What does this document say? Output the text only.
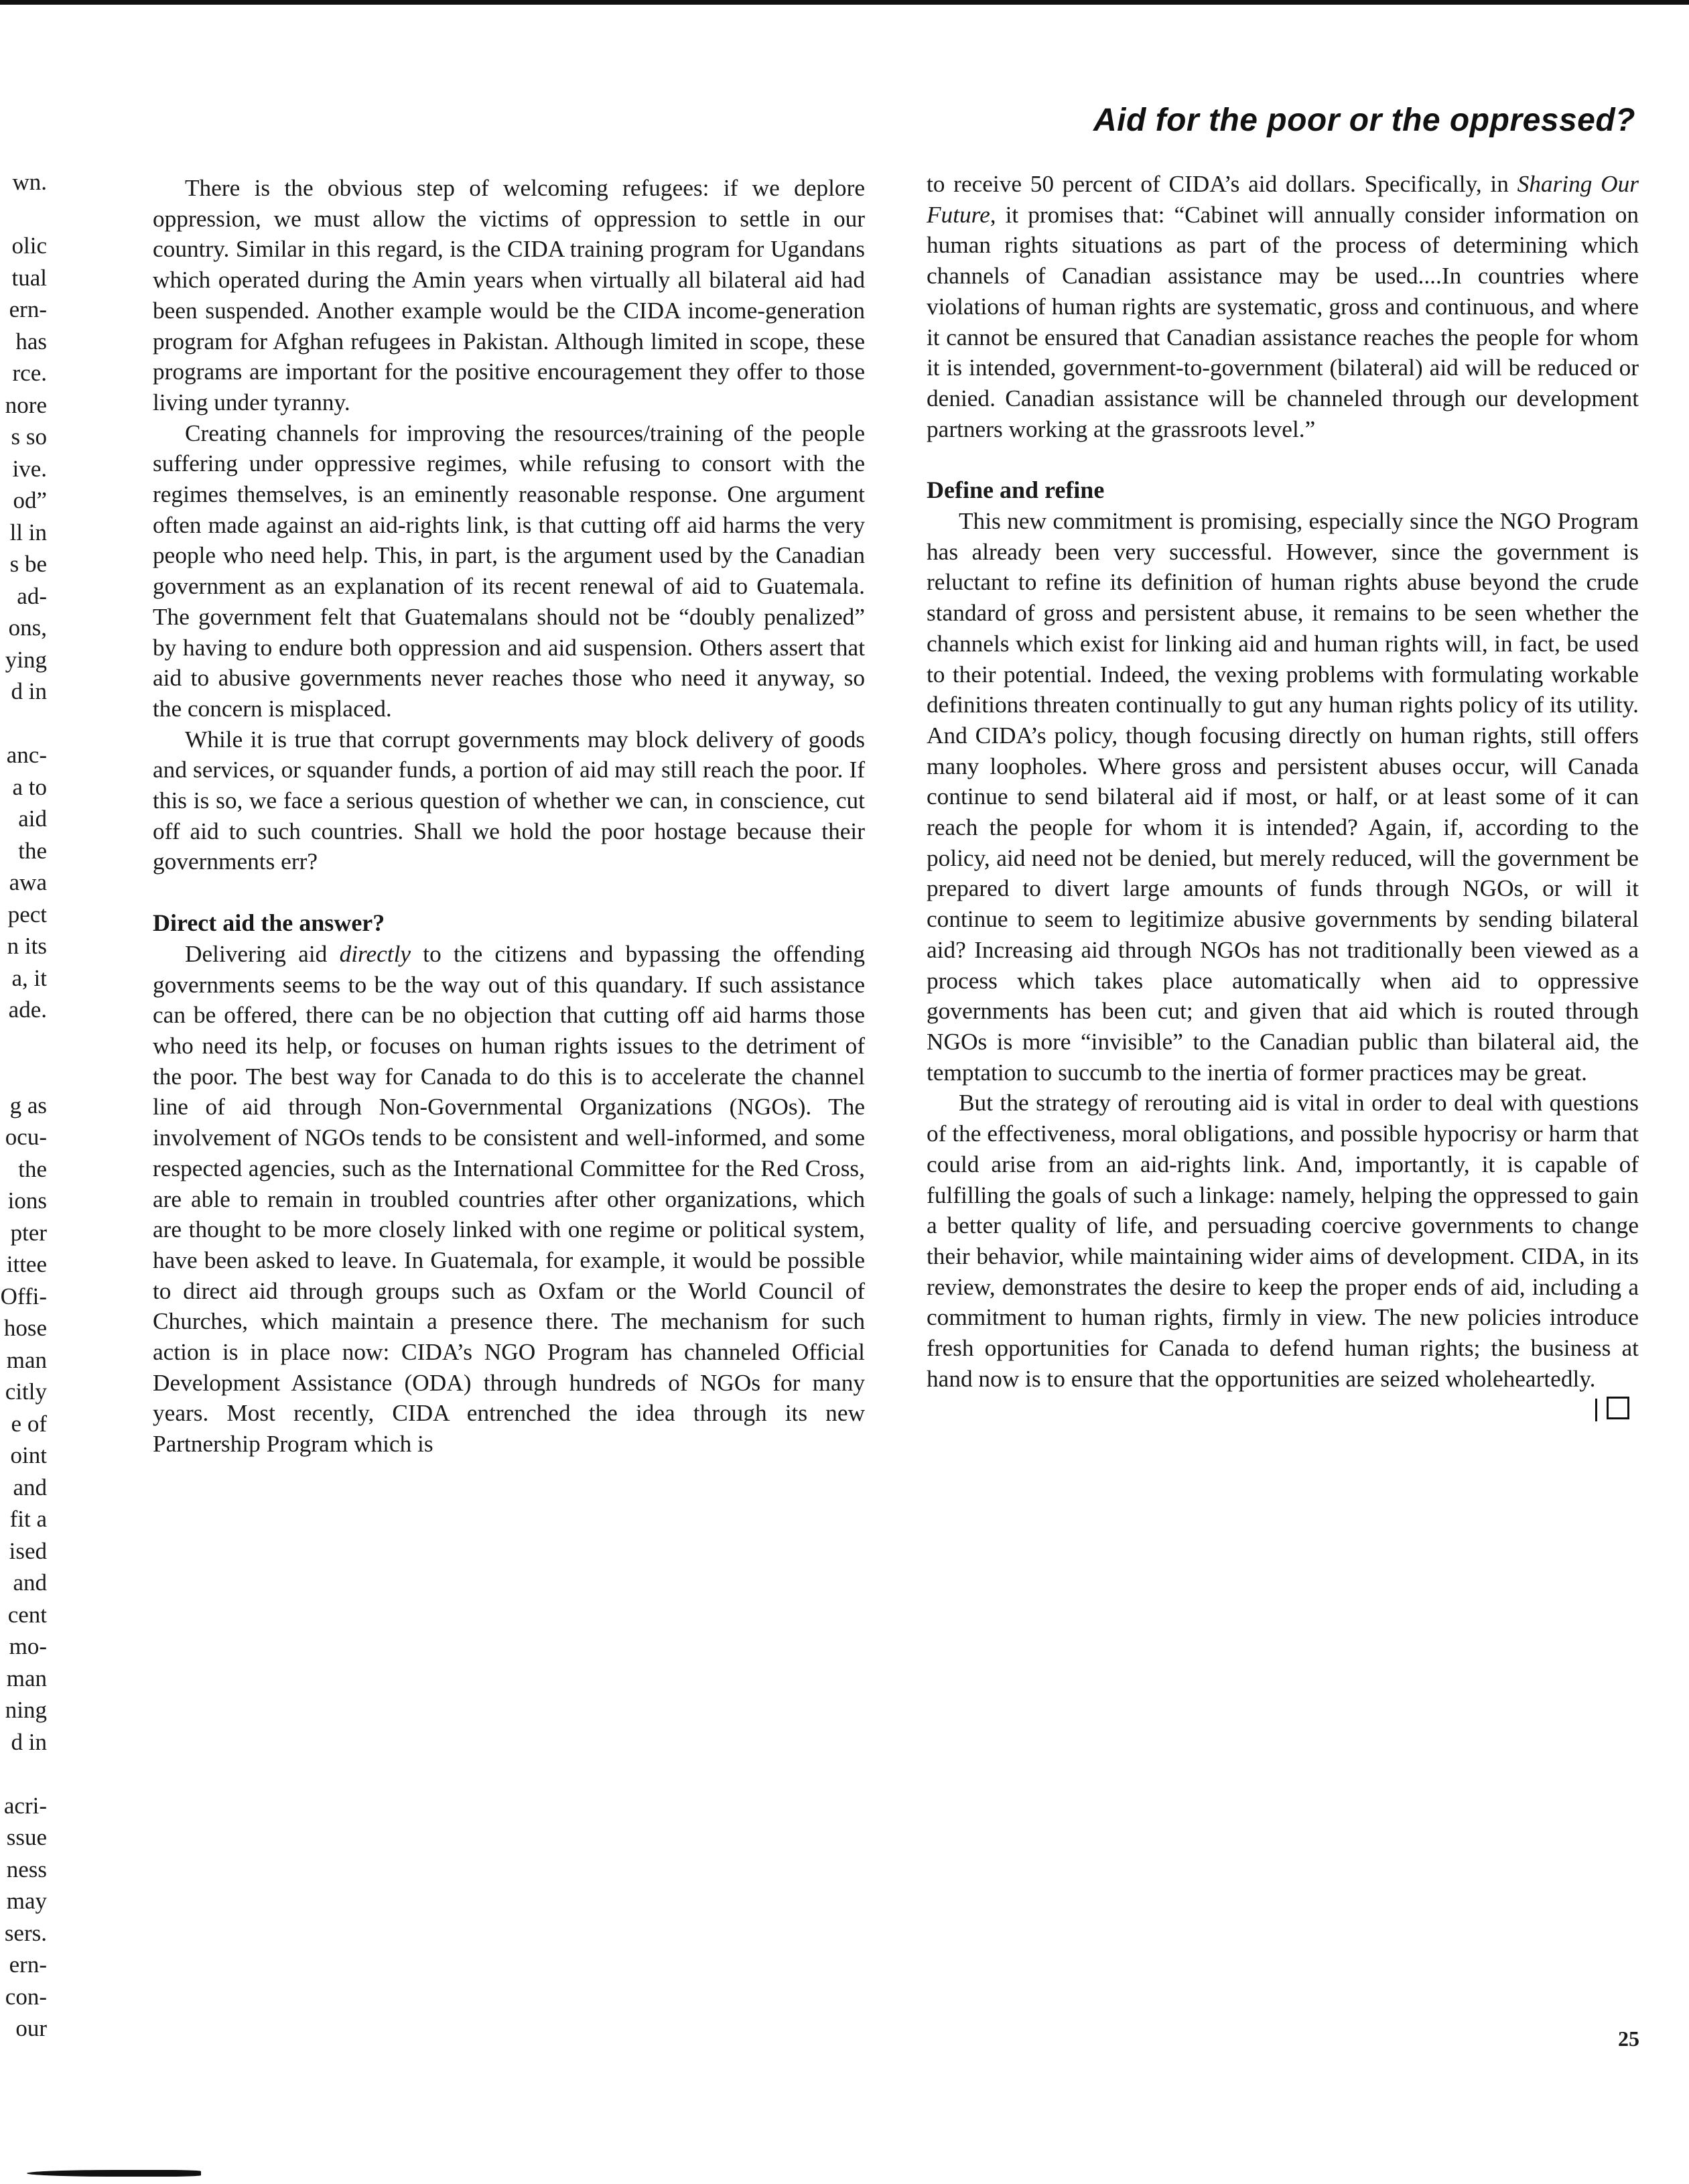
Aid for the poor or the oppressed?
wn.
olic
tual
ern-
has
rce.
nore
s so
ive.
od”
ll in
s be
ad-
ons,
ying
d in
anc-
a to
aid
the
awa
pect
n its
a, it
ade.
g as
ocu-
the
ions
pter
ittee
Offi-
hose
man
citly
e of
oint
and
fit a
ised
and
cent
mo-
man
ning
d in
acri-
ssue
ness
may
sers.
ern-
con-
our

There is the obvious step of welcoming refugees: if we deplore oppression, we must allow the victims of oppression to settle in our country. Similar in this regard, is the CIDA training program for Ugandans which operated during the Amin years when virtually all bilateral aid had been suspended. Another example would be the CIDA income-generation program for Afghan refugees in Pakistan. Although limited in scope, these programs are important for the positive encouragement they offer to those living under tyranny.

Creating channels for improving the resources/training of the people suffering under oppressive regimes, while refusing to consort with the regimes themselves, is an eminently reasonable response. One argument often made against an aid-rights link, is that cutting off aid harms the very people who need help. This, in part, is the argument used by the Canadian government as an explanation of its recent renewal of aid to Guatemala. The government felt that Guatemalans should not be “doubly penalized” by having to endure both oppression and aid suspension. Others assert that aid to abusive governments never reaches those who need it anyway, so the concern is misplaced.

While it is true that corrupt governments may block delivery of goods and services, or squander funds, a portion of aid may still reach the poor. If this is so, we face a serious question of whether we can, in conscience, cut off aid to such countries. Shall we hold the poor hostage because their governments err?

Direct aid the answer?

Delivering aid directly to the citizens and bypassing the offending governments seems to be the way out of this quandary. If such assistance can be offered, there can be no objection that cutting off aid harms those who need its help, or focuses on human rights issues to the detriment of the poor. The best way for Canada to do this is to accelerate the channel line of aid through Non-Governmental Organizations (NGOs). The involvement of NGOs tends to be consistent and well-informed, and some respected agencies, such as the International Committee for the Red Cross, are able to remain in troubled countries after other organizations, which are thought to be more closely linked with one regime or political system, have been asked to leave. In Guatemala, for example, it would be possible to direct aid through groups such as Oxfam or the World Council of Churches, which maintain a presence there. The mechanism for such action is in place now: CIDA’s NGO Program has channeled Official Development Assistance (ODA) through hundreds of NGOs for many years. Most recently, CIDA entrenched the idea through its new Partnership Program which is

to receive 50 percent of CIDA’s aid dollars. Specifically, in Sharing Our Future, it promises that: “Cabinet will annually consider information on human rights situations as part of the process of determining which channels of Canadian assistance may be used....In countries where violations of human rights are systematic, gross and continuous, and where it cannot be ensured that Canadian assistance reaches the people for whom it is intended, government-to-government (bilateral) aid will be reduced or denied. Canadian assistance will be channeled through our development partners working at the grassroots level.”

Define and refine

This new commitment is promising, especially since the NGO Program has already been very successful. However, since the government is reluctant to refine its definition of human rights abuse beyond the crude standard of gross and persistent abuse, it remains to be seen whether the channels which exist for linking aid and human rights will, in fact, be used to their potential. Indeed, the vexing problems with formulating workable definitions threaten continually to gut any human rights policy of its utility. And CIDA’s policy, though focusing directly on human rights, still offers many loopholes. Where gross and persistent abuses occur, will Canada continue to send bilateral aid if most, or half, or at least some of it can reach the people for whom it is intended? Again, if, according to the policy, aid need not be denied, but merely reduced, will the government be prepared to divert large amounts of funds through NGOs, or will it continue to seem to legitimize abusive governments by sending bilateral aid? Increasing aid through NGOs has not traditionally been viewed as a process which takes place automatically when aid to oppressive governments has been cut; and given that aid which is routed through NGOs is more “invisible” to the Canadian public than bilateral aid, the temptation to succumb to the inertia of former practices may be great.

But the strategy of rerouting aid is vital in order to deal with questions of the effectiveness, moral obligations, and possible hypocrisy or harm that could arise from an aid-rights link. And, importantly, it is capable of fulfilling the goals of such a linkage: namely, helping the oppressed to gain a better quality of life, and persuading coercive governments to change their behavior, while maintaining wider aims of development. CIDA, in its review, demonstrates the desire to keep the proper ends of aid, including a commitment to human rights, firmly in view. The new policies introduce fresh opportunities for Canada to defend human rights; the business at hand now is to ensure that the opportunities are seized wholeheartedly.

25
